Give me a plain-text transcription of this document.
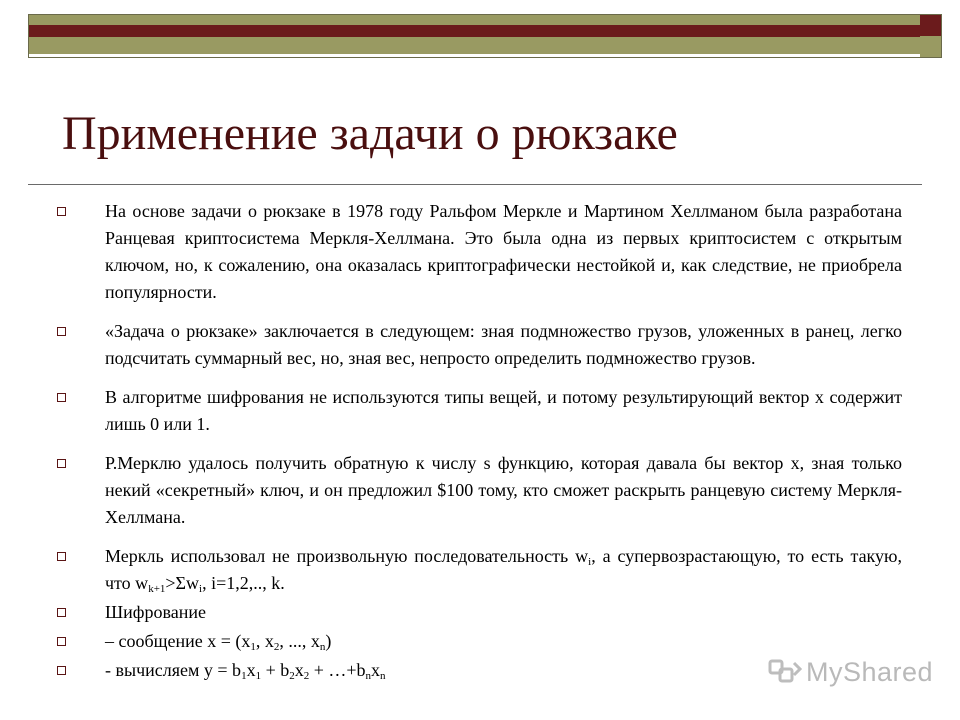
Применение задачи о рюкзаке
На основе задачи о рюкзаке в 1978 году Ральфом Меркле и Мартином Хеллманом была разработана Ранцевая криптосистема Меркля-Хеллмана. Это была одна из первых криптосистем с открытым ключом, но, к сожалению, она оказалась криптографически нестойкой и, как следствие, не приобрела популярности.
«Задача о рюкзаке» заключается в следующем: зная подмножество грузов, уложенных в ранец, легко подсчитать суммарный вес, но, зная вес, непросто определить подмножество грузов.
В алгоритме шифрования не используются типы вещей, и потому результирующий вектор x содержит лишь 0 или 1.
Р.Мерклю удалось получить обратную к числу s функцию, которая давала бы вектор x, зная только некий «секретный» ключ, и он предложил $100 тому, кто сможет раскрыть ранцевую систему Меркля-Хеллмана.
Меркль использовал не произвольную последовательность $w_i$, а супервозрастающую, то есть такую, что $w_{k+1}>\Sigma w_i$, i=1,2,.., k.
Шифрование
– сообщение $x = (x_1$, $x_2$, ..., $x_n$)
- вычисляем $y = b_1x_1 + b_2x_2$ + $\dots+b_nx_n$	MyShared
